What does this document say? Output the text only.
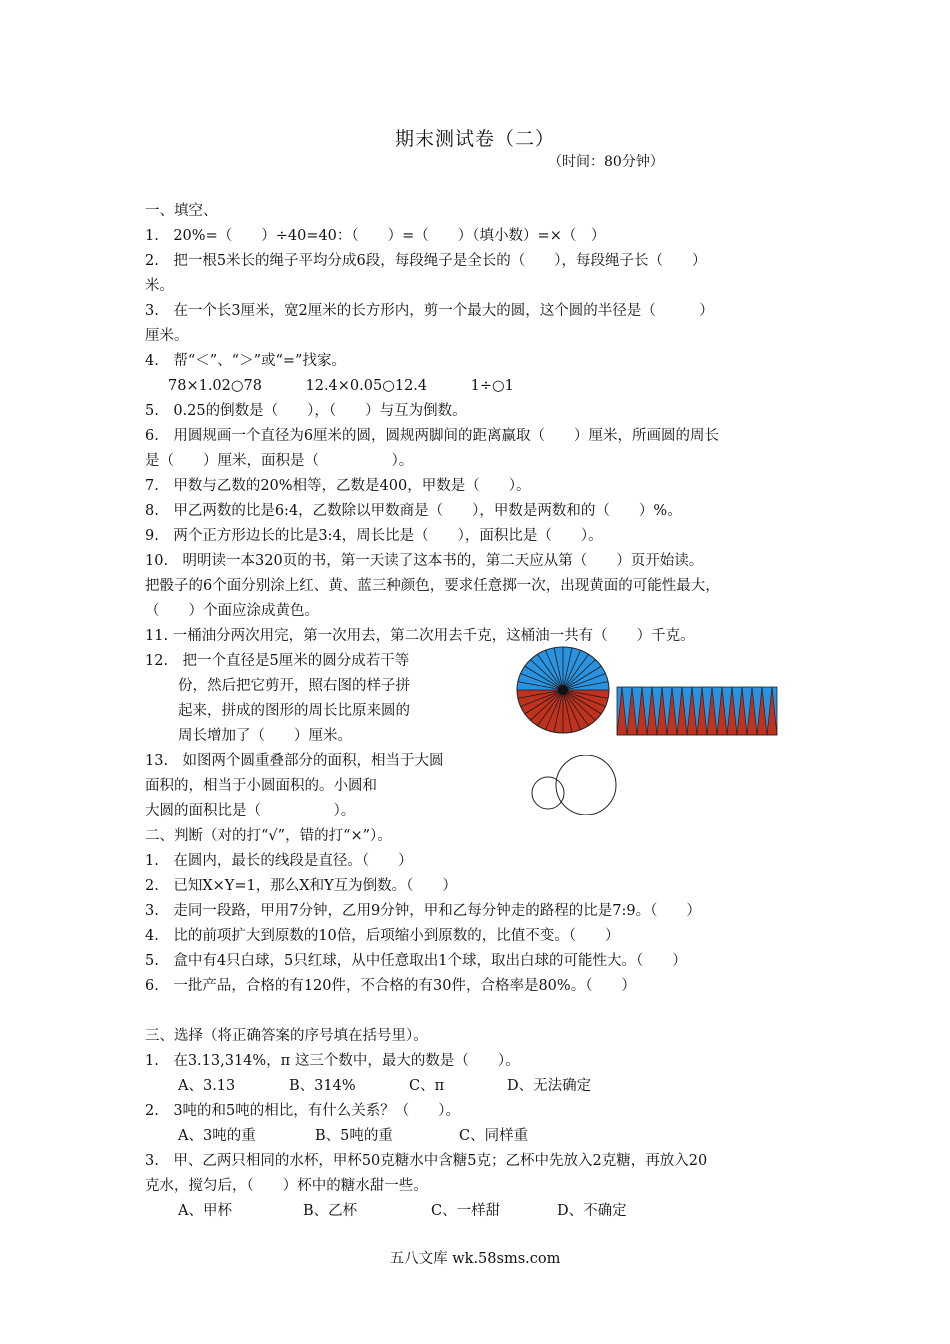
期末测试卷（二）
（时间：80分钟）
一、填空、
1.　20%=（　　）÷40=40：（　　）=（　　）（填小数）=×（　）
2.　把一根5米长的绳子平均分成6段，每段绳子是全长的（　　），每段绳子长（　　）
米。
3.　在一个长3厘米，宽2厘米的长方形内，剪一个最大的圆，这个圆的半径是（　　　）
厘米。
4.　帮“＜”、“＞”或“=”找家。
78×1.02○78　　　12.4×0.05○12.4　　　1÷○1
5.　0.25的倒数是（　　），（　　）与互为倒数。
6.　用圆规画一个直径为6厘米的圆，圆规两脚间的距离赢取（　　）厘米，所画圆的周长
是（　　）厘米，面积是（　　　　　）。
7.　甲数与乙数的20%相等，乙数是400，甲数是（　　）。
8.　甲乙两数的比是6:4，乙数除以甲数商是（　　），甲数是两数和的（　　）%。
9.　两个正方形边长的比是3:4，周长比是（　　），面积比是（　　）。
10.　明明读一本320页的书，第一天读了这本书的，第二天应从第（　　）页开始读。
把骰子的6个面分别涂上红、黄、蓝三种颜色，要求任意掷一次，出现黄面的可能性最大，
（　　）个面应涂成黄色。
11. 一桶油分两次用完，第一次用去，第二次用去千克，这桶油一共有（　　）千克。
12.　把一个直径是5厘米的圆分成若干等
份，然后把它剪开，照右图的样子拼
起来，拼成的图形的周长比原来圆的
周长增加了（　　）厘米。
13.　如图两个圆重叠部分的面积，相当于大圆
面积的，相当于小圆面积的。小圆和
大圆的面积比是（　　　　　）。
二、判断（对的打“√”，错的打“×”）。
1.　在圆内，最长的线段是直径。（　　）
2.　已知X×Y=1，那么X和Y互为倒数。（　　）
3.　走同一段路，甲用7分钟，乙用9分钟，甲和乙每分钟走的路程的比是7:9。（　　）
4.　比的前项扩大到原数的10倍，后项缩小到原数的，比值不变。（　　）
5.　盒中有4只白球，5只红球，从中任意取出1个球，取出白球的可能性大。（　　）
6.　一批产品，合格的有120件，不合格的有30件，合格率是80%。（　　）
三、选择（将正确答案的序号填在括号里）。
1.　在3.13,314%，π 这三个数中，最大的数是（　　）。
A、3.13	B、314%	C、π	D、无法确定
2.　3吨的和5吨的相比，有什么关系？（　　）。
A、3吨的重	B、5吨的重	C、同样重
3.　甲、乙两只相同的水杯，甲杯50克糖水中含糖5克；乙杯中先放入2克糖，再放入20
克水，搅匀后，（　　）杯中的糖水甜一些。
A、甲杯	B、乙杯	C、一样甜	D、不确定
五八文库 wk.58sms.com
